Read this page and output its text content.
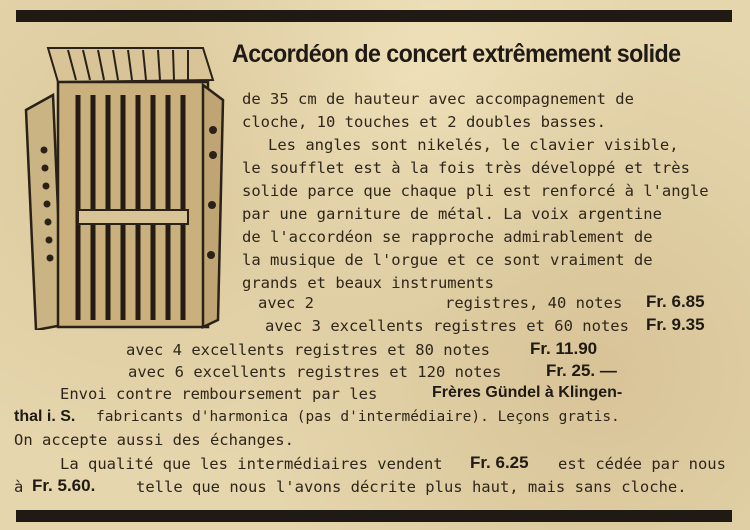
Accordéon de concert extrêmement solide
de 35 cm de hauteur avec accompagnement de
cloche, 10 touches et 2 doubles basses.
Les angles sont nikelés, le clavier visible,
le soufflet est à la fois très développé et très
solide parce que chaque pli est renforcé à l'angle
par une garniture de métal. La voix argentine
de l'accordéon se rapproche admirablement de
la musique de l'orgue et ce sont vraiment de
grands et beaux instruments
avec 2	registres, 40 notes Fr. 6.85
avec 3 excellents registres et 60 notes Fr. 9.35
avec 4 excellents registres et 80 notes Fr. 11.90
avec 6 excellents registres et 120 notes	Fr. 25. —
Envoi contre remboursement par les	Frères Gündel à Klingen-
thal i. S. fabricants d'harmonica (pas d'intermédiaire). Leçons gratis.
On accepte aussi des échanges.
La qualité que les intermédiaires vendent Fr. 6.25 est cédée par nous
à Fr. 5.60.	telle que nous l'avons décrite plus haut, mais sans cloche.
